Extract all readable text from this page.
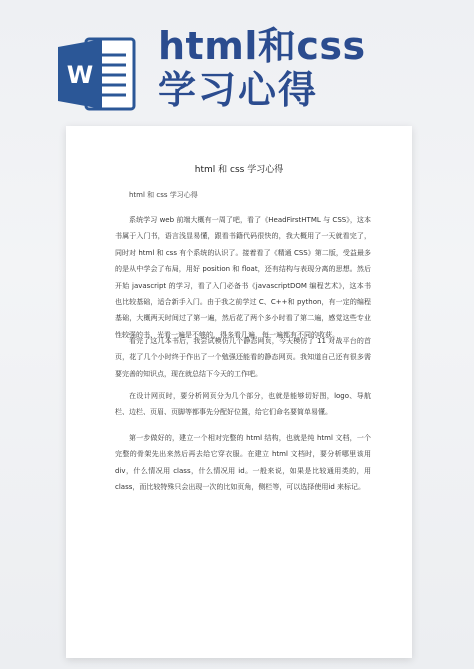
W
html和css
学习心得
html 和 css 学习心得
html 和 css 学习心得

系统学习 web 前端大概有一周了吧，看了《HeadFirstHTML 与 CSS》，这本书属于入门书，语言浅显易懂，跟看书籍代码很快的，我大概用了一天就看完了，同时对 html 和 css 有个系统的认识了。接着看了《精通 CSS》第二版，受益最多的是从中学会了布局，用好 position 和 float，还有结构与表现分离的思想。然后开始 javascript 的学习，看了入门必备书《javascriptDOM 编程艺术》，这本书也比较基础，适合新手入门。由于我之前学过 C、C++和 python，有一定的编程基础，大概两天时间过了第一遍，然后花了两个多小时看了第二遍，感觉这些专业性较强的书，光看一遍是不够的，得多看几遍，每一遍都有不同的收获。

看完了这几本书后，我尝试模仿几个静态网页，今天模仿了 11 对战平台的首页，花了几个小时终于作出了一个勉强还能看的静态网页。我知道自己还有很多需要完善的知识点，现在就总结下今天的工作吧。

在设计网页时，要分析网页分为几个部分，也就是能够切好图，logo、导航栏、边栏、页眉、页脚等都事先分配好位置，给它们命名要简单易懂。

第一步做好的，建立一个相对完整的 html 结构，也就是纯 html 文档，一个完整的骨架先出来然后再去给它穿衣服。在建立 html 文档时，要分析哪里该用 div，什么情况用 class，什么情况用 id。一般来说，如果是比较通用类的，用 class，而比较特殊只会出现一次的比如页角，侧栏等，可以选择使用id 来标记。
